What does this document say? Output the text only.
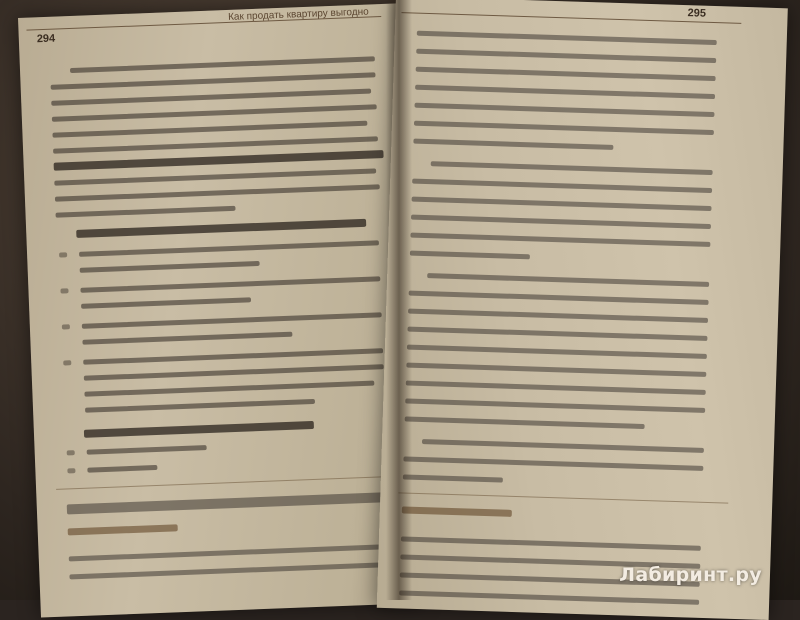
294
Как продать квартиру выгодно	295
Лабиринт.ру
